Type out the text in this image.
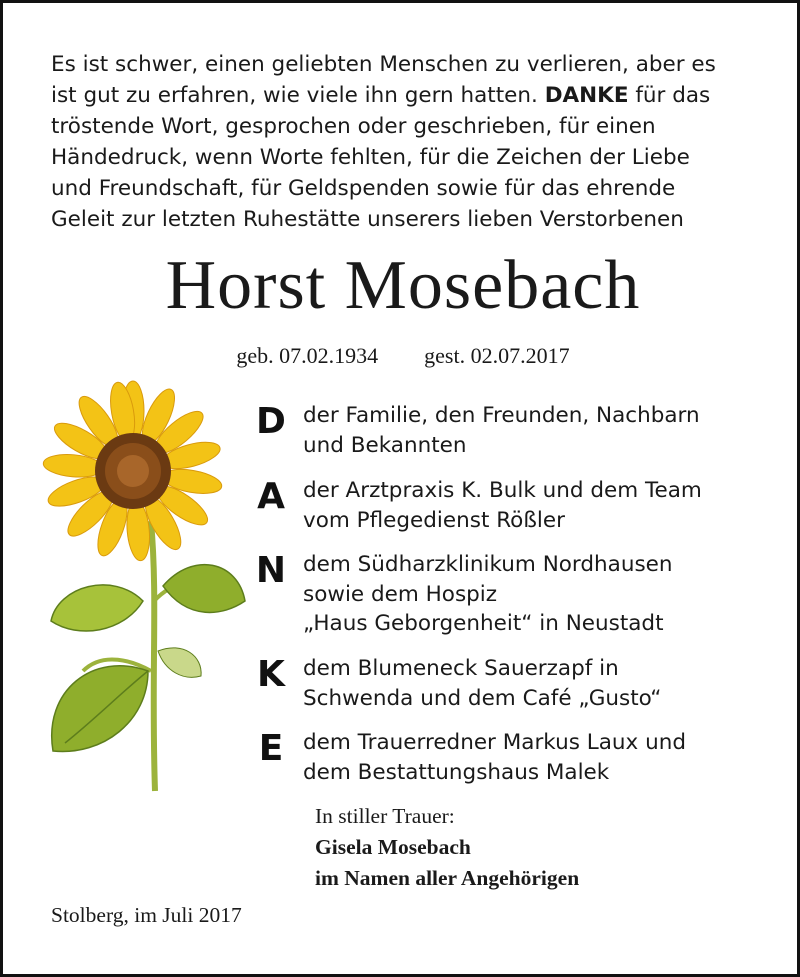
Es ist schwer, einen geliebten Menschen zu verlieren, aber es
ist gut zu erfahren, wie viele ihn gern hatten. DANKE für das
tröstende Wort, gesprochen oder geschrieben, für einen
Händedruck, wenn Worte fehlten, für die Zeichen der Liebe
und Freundschaft, für Geldspenden sowie für das ehrende
Geleit zur letzten Ruhestätte unserers lieben Verstorbenen
Horst Mosebach
geb. 07.02.1934 gest. 02.07.2017
D der Familie, den Freunden, Nachbarn
und Bekannten
A der Arztpraxis K. Bulk und dem Team
vom Pflegedienst Rößler
N dem Südharzklinikum Nordhausen
sowie dem Hospiz
„Haus Geborgenheit“ in Neustadt
K dem Blumeneck Sauerzapf in
Schwenda und dem Café „Gusto“
E dem Trauerredner Markus Laux und
dem Bestattungshaus Malek
In stiller Trauer:
Gisela Mosebach
im Namen aller Angehörigen
Stolberg, im Juli 2017
